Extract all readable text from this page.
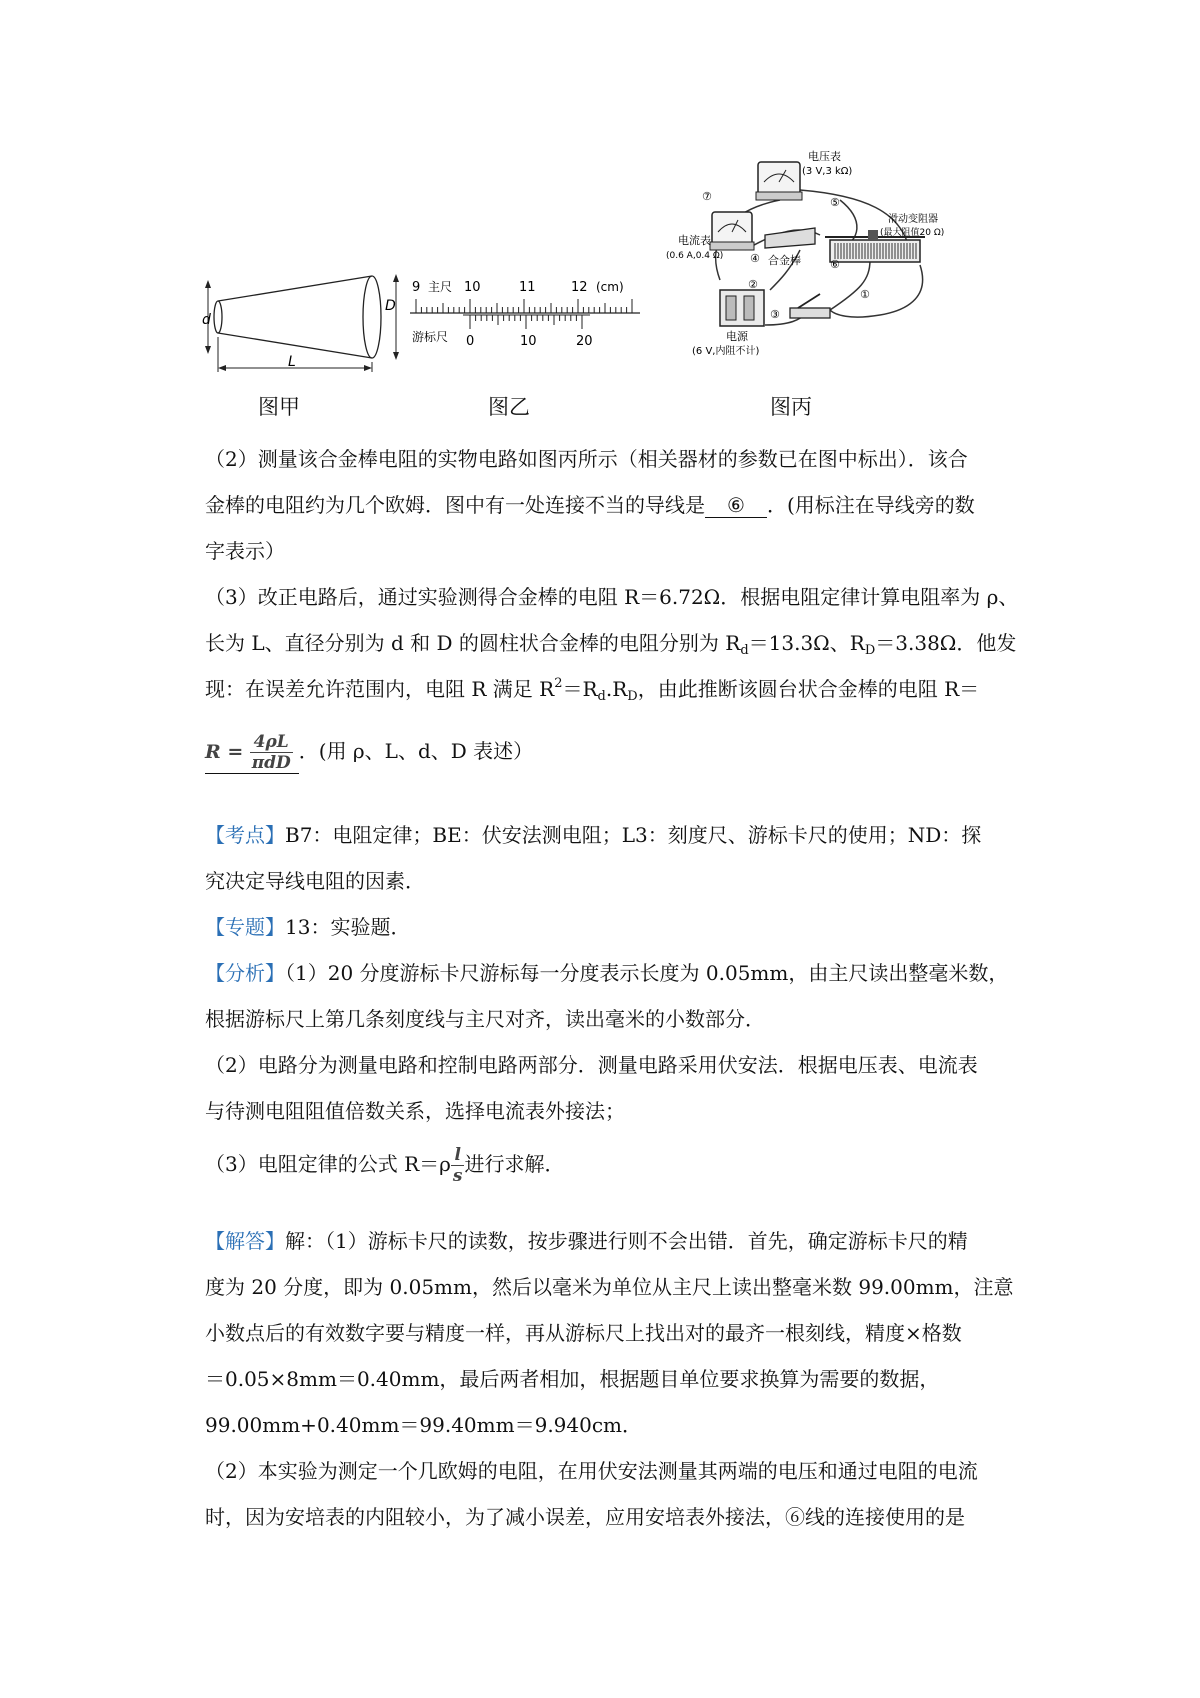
d
D
L
图甲
9 主尺 10	11	12 (cm)
游标尺 0	10	20
图乙
电压表
(3 V,3 kΩ)
电流表
(0.6 A,0.4 Ω)	合金棒
滑动变阻器
(最大阻值20 Ω)
电源
(6 V,内阻不计)
⑦
②
③
④
⑤
⑥
①
图丙
（2）测量该合金棒电阻的实物电路如图丙所示（相关器材的参数已在图中标出）．该合
金棒的电阻约为几个欧姆．图中有一处连接不当的导线是 ⑥ ．(用标注在导线旁的数
字表示）
（3）改正电路后，通过实验测得合金棒的电阻 R＝6.72Ω．根据电阻定律计算电阻率为 ρ、
长为 L、直径分别为 d 和 D 的圆柱状合金棒的电阻分别为 $R_d=13.3\Omega$、$R_D=3.38\Omega$．他发
现：在误差允许范围内，电阻 R 满足 $R^2=R_d.R_D$，由此推断该圆台状合金棒的电阻 R＝
$R = \frac{4\rho L}{\text{πdD}}$ ．(用 ρ、L、d、D 表述）
【考点】B7：电阻定律；BE：伏安法测电阻；L3：刻度尺、游标卡尺的使用；ND：探
究决定导线电阻的因素．
【专题】13：实验题．
【分析】（1）20 分度游标卡尺游标每一分度表示长度为 0.05mm，由主尺读出整毫米数，
根据游标尺上第几条刻度线与主尺对齐，读出毫米的小数部分．
（2）电路分为测量电路和控制电路两部分．测量电路采用伏安法．根据电压表、电流表
与待测电阻阻值倍数关系，选择电流表外接法；
（3）电阻定律的公式 $R=\rho \frac{l}{s}$ 进行求解．
【解答】解：（1）游标卡尺的读数，按步骤进行则不会出错．首先，确定游标卡尺的精
度为 20 分度，即为 0.05mm，然后以毫米为单位从主尺上读出整毫米数 99.00mm，注意
小数点后的有效数字要与精度一样，再从游标尺上找出对的最齐一根刻线，精度×格数
＝0.05×8mm＝0.40mm，最后两者相加，根据题目单位要求换算为需要的数据，
99.00mm+0.40mm＝99.40mm＝9.940cm．
（2）本实验为测定一个几欧姆的电阻，在用伏安法测量其两端的电压和通过电阻的电流
时，因为安培表的内阻较小，为了减小误差，应用安培表外接法，⑥线的连接使用的是
